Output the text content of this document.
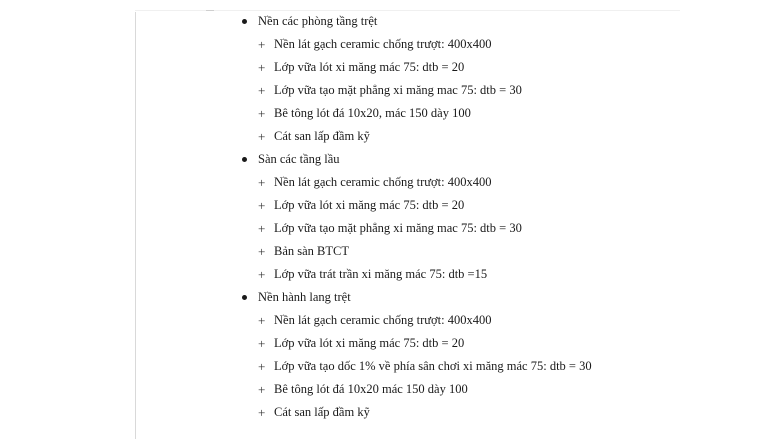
Nền các phòng tầng trệt
+ Nền lát gạch ceramic chống trượt: 400x400
+ Lớp vữa lót xi măng mác 75: dtb = 20
+ Lớp vữa tạo mặt phẳng xi măng mac 75: dtb = 30
+ Bê tông lót đá 10x20, mác 150 dày 100
+ Cát san lấp đầm kỹ
Sàn các tầng lầu
+ Nền lát gạch ceramic chống trượt: 400x400
+ Lớp vữa lót xi măng mác 75: dtb = 20
+ Lớp vữa tạo mặt phẳng xi măng mac 75: dtb = 30
+ Bản sàn BTCT
+ Lớp vữa trát trần xi măng mác 75: dtb =15
Nền hành lang trệt
+ Nền lát gạch ceramic chống trượt: 400x400
+ Lớp vữa lót xi măng mác 75: dtb = 20
+ Lớp vữa tạo dốc 1% về phía sân chơi xi măng mác 75: dtb = 30
+ Bê tông lót đá 10x20 mác 150 dày 100
+ Cát san lấp đầm kỹ
